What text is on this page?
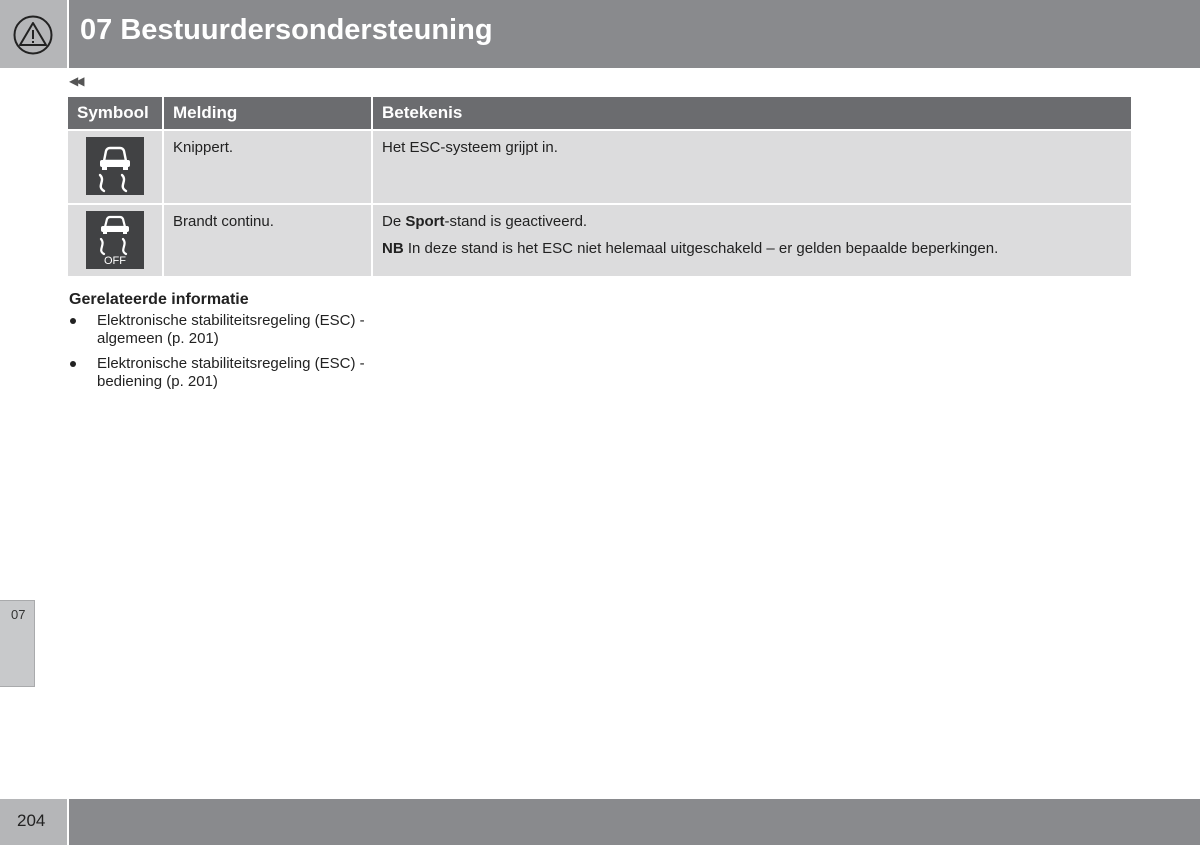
07 Bestuurdersondersteuning
◀◀
Symbool	Melding	Betekenis

	Knippert.	Het ESC-systeem grijpt in.

OFF	Brandt continu.	De Sport-stand is geactiveerd.
NB In deze stand is het ESC niet helemaal uitgeschakeld – er gelden bepaalde beperkingen.
Gerelateerde informatie
Elektronische stabiliteitsregeling (ESC) - algemeen (p. 201)
Elektronische stabiliteitsregeling (ESC) - bediening (p. 201)
07
204
